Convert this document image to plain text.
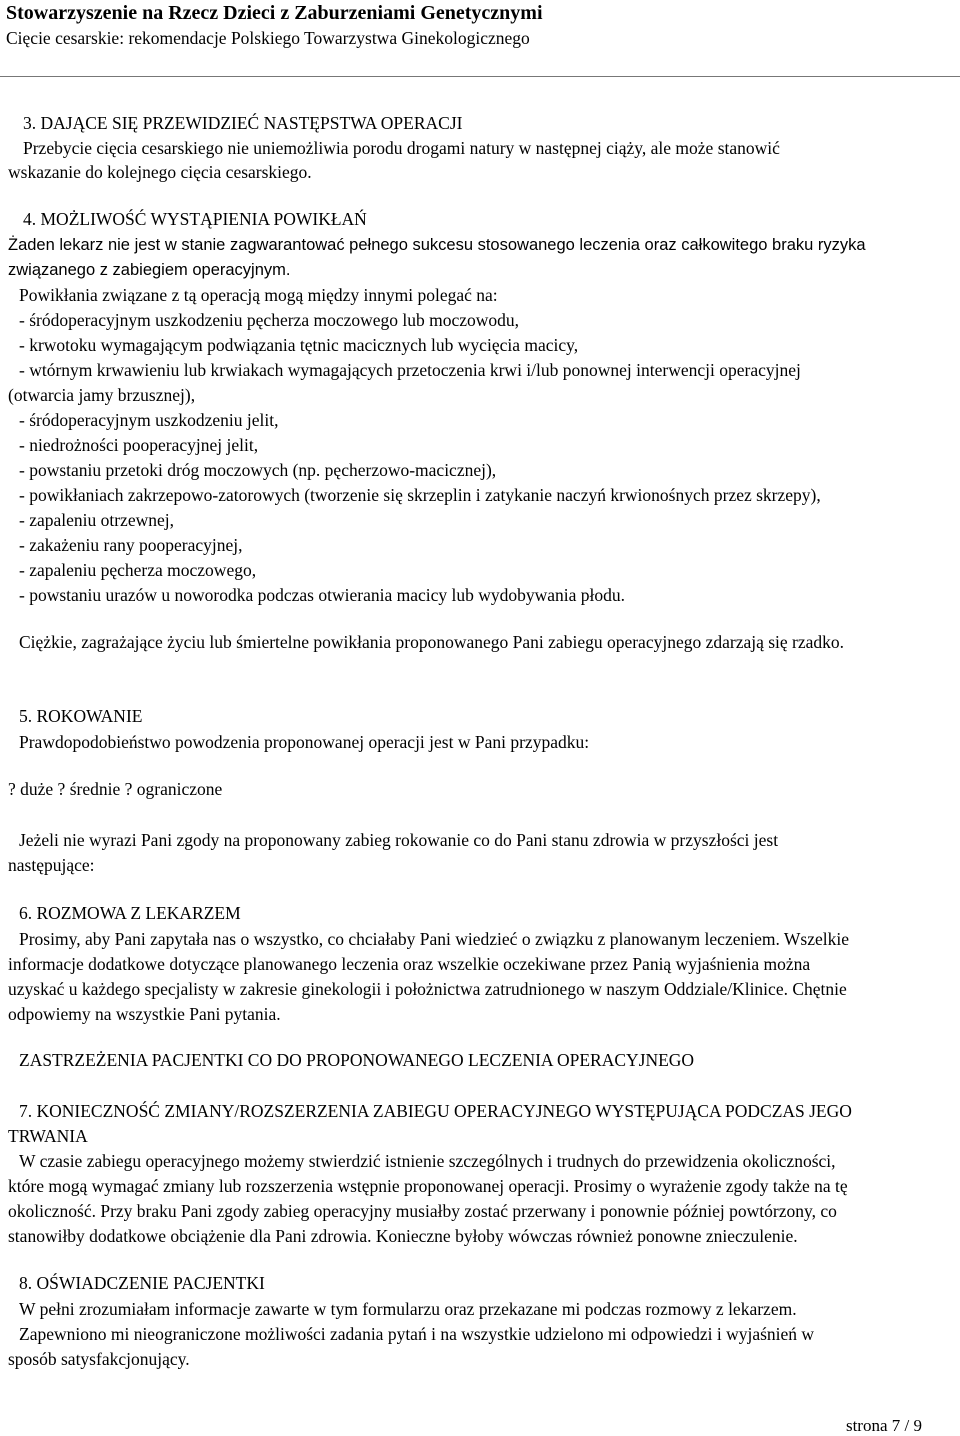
Stowarzyszenie na Rzecz Dzieci z Zaburzeniami Genetycznymi
Cięcie cesarskie: rekomendacje Polskiego Towarzystwa Ginekologicznego
3. DAJĄCE SIĘ PRZEWIDZIEĆ NASTĘPSTWA OPERACJI
Przebycie cięcia cesarskiego nie uniemożliwia porodu drogami natury w następnej ciąży, ale może stanowić
wskazanie do kolejnego cięcia cesarskiego.
4. MOŻLIWOŚĆ WYSTĄPIENIA POWIKŁAŃ
Żaden lekarz nie jest w stanie zagwarantować pełnego sukcesu stosowanego leczenia oraz całkowitego braku ryzyka
związanego z zabiegiem operacyjnym.
Powikłania związane z tą operacją mogą między innymi polegać na:
- śródoperacyjnym uszkodzeniu pęcherza moczowego lub moczowodu,
- krwotoku wymagającym podwiązania tętnic macicznych lub wycięcia macicy,
- wtórnym krwawieniu lub krwiakach wymagających przetoczenia krwi i/lub ponownej interwencji operacyjnej
(otwarcia jamy brzusznej),
- śródoperacyjnym uszkodzeniu jelit,
- niedrożności pooperacyjnej jelit,
- powstaniu przetoki dróg moczowych (np. pęcherzowo-macicznej),
- powikłaniach zakrzepowo-zatorowych (tworzenie się skrzeplin i zatykanie naczyń krwionośnych przez skrzepy),
- zapaleniu otrzewnej,
- zakażeniu rany pooperacyjnej,
- zapaleniu pęcherza moczowego,
- powstaniu urazów u noworodka podczas otwierania macicy lub wydobywania płodu.
Ciężkie, zagrażające życiu lub śmiertelne powikłania proponowanego Pani zabiegu operacyjnego zdarzają się rzadko.
5. ROKOWANIE
Prawdopodobieństwo powodzenia proponowanej operacji jest w Pani przypadku:
? duże ? średnie ? ograniczone
Jeżeli nie wyrazi Pani zgody na proponowany zabieg rokowanie co do Pani stanu zdrowia w przyszłości jest
następujące:
6. ROZMOWA Z LEKARZEM
Prosimy, aby Pani zapytała nas o wszystko, co chciałaby Pani wiedzieć o związku z planowanym leczeniem. Wszelkie
informacje dodatkowe dotyczące planowanego leczenia oraz wszelkie oczekiwane przez Panią wyjaśnienia można
uzyskać u każdego specjalisty w zakresie ginekologii i położnictwa zatrudnionego w naszym Oddziale/Klinice. Chętnie
odpowiemy na wszystkie Pani pytania.
ZASTRZEŻENIA PACJENTKI CO DO PROPONOWANEGO LECZENIA OPERACYJNEGO
7. KONIECZNOŚĆ ZMIANY/ROZSZERZENIA ZABIEGU OPERACYJNEGO WYSTĘPUJĄCA PODCZAS JEGO
TRWANIA
W czasie zabiegu operacyjnego możemy stwierdzić istnienie szczególnych i trudnych do przewidzenia okoliczności,
które mogą wymagać zmiany lub rozszerzenia wstępnie proponowanej operacji. Prosimy o wyrażenie zgody także na tę
okoliczność. Przy braku Pani zgody zabieg operacyjny musiałby zostać przerwany i ponownie później powtórzony, co
stanowiłby dodatkowe obciążenie dla Pani zdrowia. Konieczne byłoby wówczas również ponowne znieczulenie.
8. OŚWIADCZENIE PACJENTKI
W pełni zrozumiałam informacje zawarte w tym formularzu oraz przekazane mi podczas rozmowy z lekarzem.
Zapewniono mi nieograniczone możliwości zadania pytań i na wszystkie udzielono mi odpowiedzi i wyjaśnień w
sposób satysfakcjonujący.
strona 7 / 9
